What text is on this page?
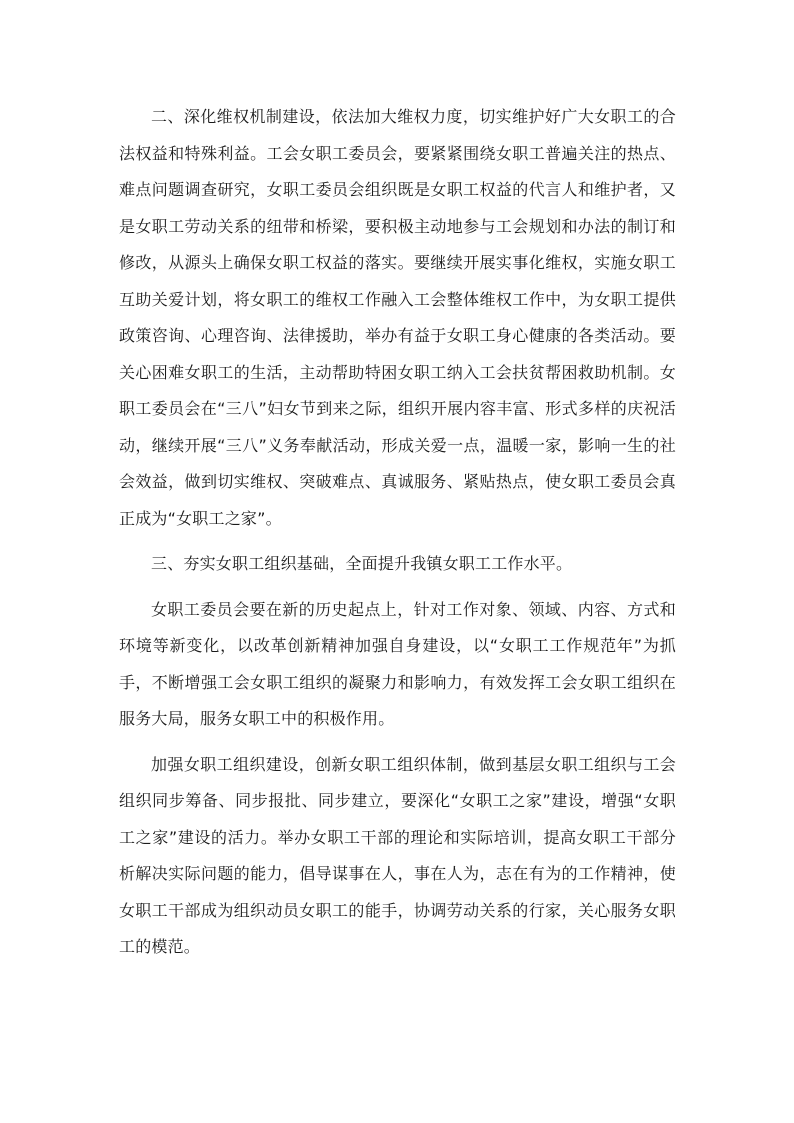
二、深化维权机制建设，依法加大维权力度，切实维护好广大女职工的合法权益和特殊利益。工会女职工委员会，要紧紧围绕女职工普遍关注的热点、难点问题调查研究，女职工委员会组织既是女职工权益的代言人和维护者，又是女职工劳动关系的纽带和桥梁，要积极主动地参与工会规划和办法的制订和修改，从源头上确保女职工权益的落实。要继续开展实事化维权，实施女职工互助关爱计划，将女职工的维权工作融入工会整体维权工作中，为女职工提供政策咨询、心理咨询、法律援助，举办有益于女职工身心健康的各类活动。要关心困难女职工的生活，主动帮助特困女职工纳入工会扶贫帮困救助机制。女职工委员会在“三八”妇女节到来之际，组织开展内容丰富、形式多样的庆祝活动，继续开展“三八”义务奉献活动，形成关爱一点，温暖一家，影响一生的社会效益，做到切实维权、突破难点、真诚服务、紧贴热点，使女职工委员会真正成为“女职工之家”。

三、夯实女职工组织基础，全面提升我镇女职工工作水平。

女职工委员会要在新的历史起点上，针对工作对象、领域、内容、方式和环境等新变化，以改革创新精神加强自身建设，以“女职工工作规范年”为抓手，不断增强工会女职工组织的凝聚力和影响力，有效发挥工会女职工组织在服务大局，服务女职工中的积极作用。

加强女职工组织建设，创新女职工组织体制，做到基层女职工组织与工会组织同步筹备、同步报批、同步建立，要深化“女职工之家”建设，增强“女职工之家”建设的活力。举办女职工干部的理论和实际培训，提高女职工干部分析解决实际问题的能力，倡导谋事在人，事在人为，志在有为的工作精神，使女职工干部成为组织动员女职工的能手，协调劳动关系的行家，关心服务女职工的模范。
